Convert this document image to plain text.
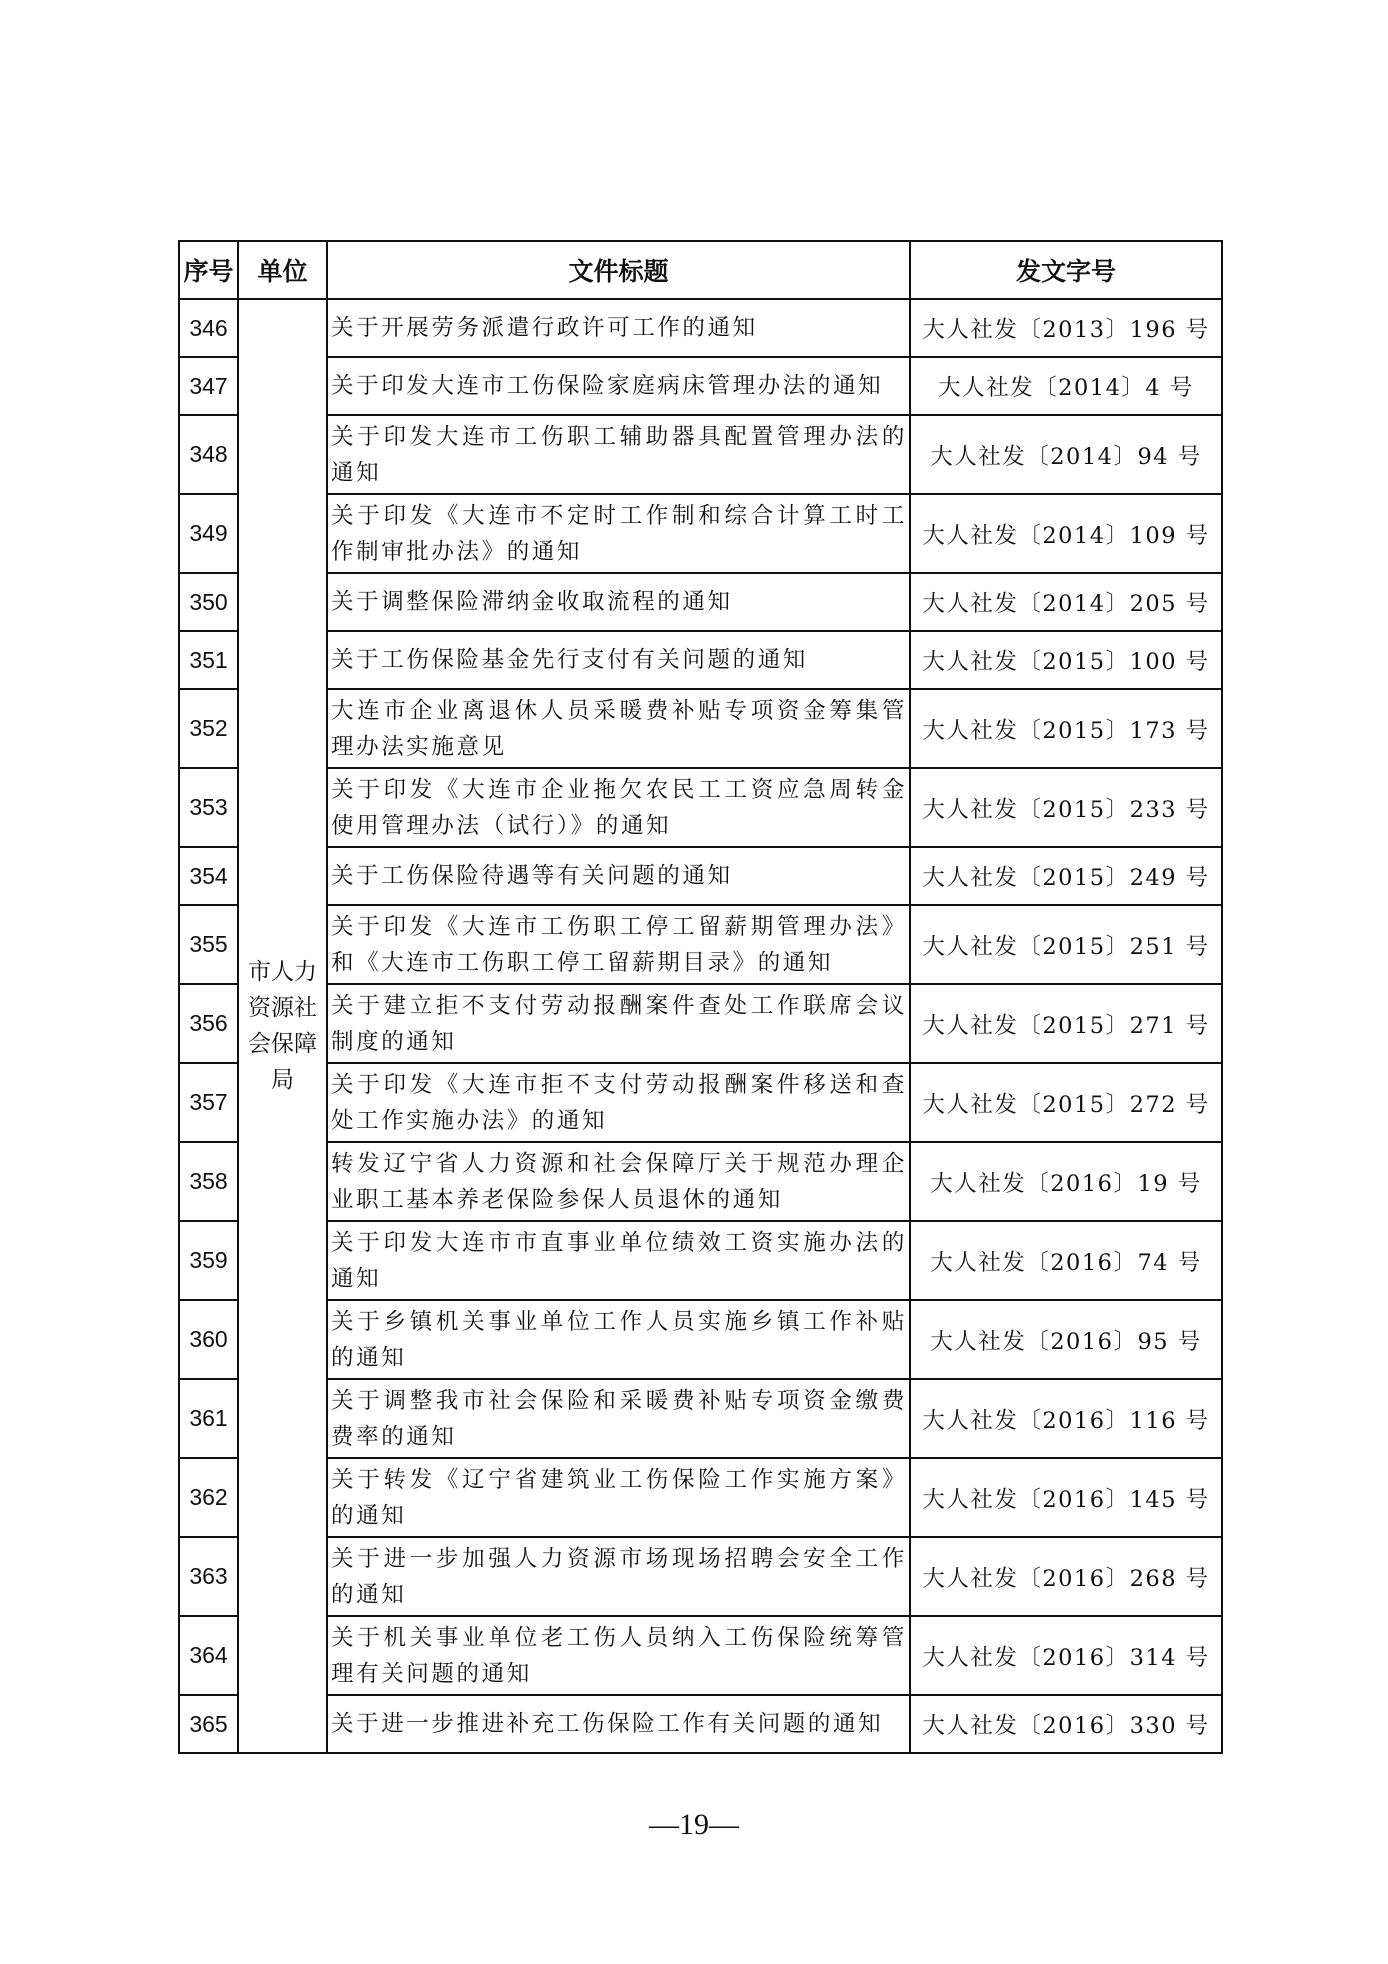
序号	单位	文件标题	发文字号
346	市人力资源社会保障局	关于开展劳务派遣行政许可工作的通知	大人社发〔2013〕196 号
347		关于印发大连市工伤保险家庭病床管理办法的通知	大人社发〔2014〕4 号
348		关于印发大连市工伤职工辅助器具配置管理办法的通知	大人社发〔2014〕94 号
349		关于印发《大连市不定时工作制和综合计算工时工作制审批办法》的通知	大人社发〔2014〕109 号
350		关于调整保险滞纳金收取流程的通知	大人社发〔2014〕205 号
351		关于工伤保险基金先行支付有关问题的通知	大人社发〔2015〕100 号
352		大连市企业离退休人员采暖费补贴专项资金筹集管理办法实施意见	大人社发〔2015〕173 号
353		关于印发《大连市企业拖欠农民工工资应急周转金使用管理办法（试行）》的通知	大人社发〔2015〕233 号
354		关于工伤保险待遇等有关问题的通知	大人社发〔2015〕249 号
355		关于印发《大连市工伤职工停工留薪期管理办法》和《大连市工伤职工停工留薪期目录》的通知	大人社发〔2015〕251 号
356		关于建立拒不支付劳动报酬案件查处工作联席会议制度的通知	大人社发〔2015〕271 号
357		关于印发《大连市拒不支付劳动报酬案件移送和查处工作实施办法》的通知	大人社发〔2015〕272 号
358		转发辽宁省人力资源和社会保障厅关于规范办理企业职工基本养老保险参保人员退休的通知	大人社发〔2016〕19 号
359		关于印发大连市市直事业单位绩效工资实施办法的通知	大人社发〔2016〕74 号
360		关于乡镇机关事业单位工作人员实施乡镇工作补贴的通知	大人社发〔2016〕95 号
361		关于调整我市社会保险和采暖费补贴专项资金缴费费率的通知	大人社发〔2016〕116 号
362		关于转发《辽宁省建筑业工伤保险工作实施方案》的通知	大人社发〔2016〕145 号
363		关于进一步加强人力资源市场现场招聘会安全工作的通知	大人社发〔2016〕268 号
364		关于机关事业单位老工伤人员纳入工伤保险统筹管理有关问题的通知	大人社发〔2016〕314 号
365		关于进一步推进补充工伤保险工作有关问题的通知	大人社发〔2016〕330 号
—19—
